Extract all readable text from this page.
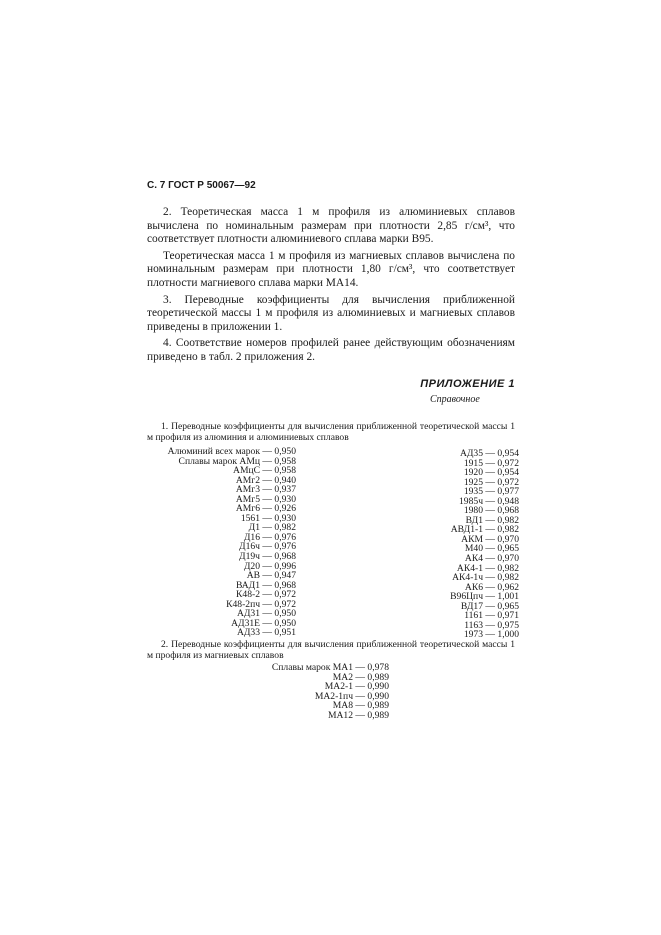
С. 7 ГОСТ Р 50067—92

2. Теоретическая масса 1 м профиля из алюминиевых сплавов вычислена по номинальным размерам при плотности 2,85 г/см³, что соответствует плотности алюминиевого сплава марки В95.

Теоретическая масса 1 м профиля из магниевых сплавов вычислена по номинальным размерам при плотности 1,80 г/см³, что соответствует плотности магниевого сплава марки МА14.

3. Переводные коэффициенты для вычисления приближенной теоретической массы 1 м профиля из алюминиевых и магниевых сплавов приведены в приложении 1.

4. Соответствие номеров профилей ранее действующим обозначениям приведено в табл. 2 приложения 2.

ПРИЛОЖЕНИЕ 1
Справочное

1. Переводные коэффициенты для вычисления приближенной теоретической массы 1 м профиля из алюминия и алюминиевых сплавов

Алюминий всех марок — 0,950
Сплавы марок АМц — 0,958
АМцС — 0,958
АМг2 — 0,940
АМг3 — 0,937
АМг5 — 0,930
АМг6 — 0,926
1561 — 0,930
Д1 — 0,982
Д16 — 0,976
Д16ч — 0,976
Д19ч — 0,968
Д20 — 0,996
АВ — 0,947
ВАД1 — 0,968
К48-2 — 0,972
К48-2пч — 0,972
АД31 — 0,950
АД31Е — 0,950
АД33 — 0,951
АД35 — 0,954
1915 — 0,972
1920 — 0,954
1925 — 0,972
1935 — 0,977
1985ч — 0,948
1980 — 0,968
ВД1 — 0,982
АВД1-1 — 0,982
АКМ — 0,970
М40 — 0,965
АК4 — 0,970
АК4-1 — 0,982
АК4-1ч — 0,982
АК6 — 0,962
В96Цпч — 1,001
ВД17 — 0,965
1161 — 0,971
1163 — 0,975
1973 — 1,000

2. Переводные коэффициенты для вычисления приближенной теоретической массы 1 м профиля из магниевых сплавов

Сплавы марок МА1 — 0,978
МА2 — 0,989
МА2-1 — 0,990
МА2-1пч — 0,990
МА8 — 0,989
МА12 — 0,989
